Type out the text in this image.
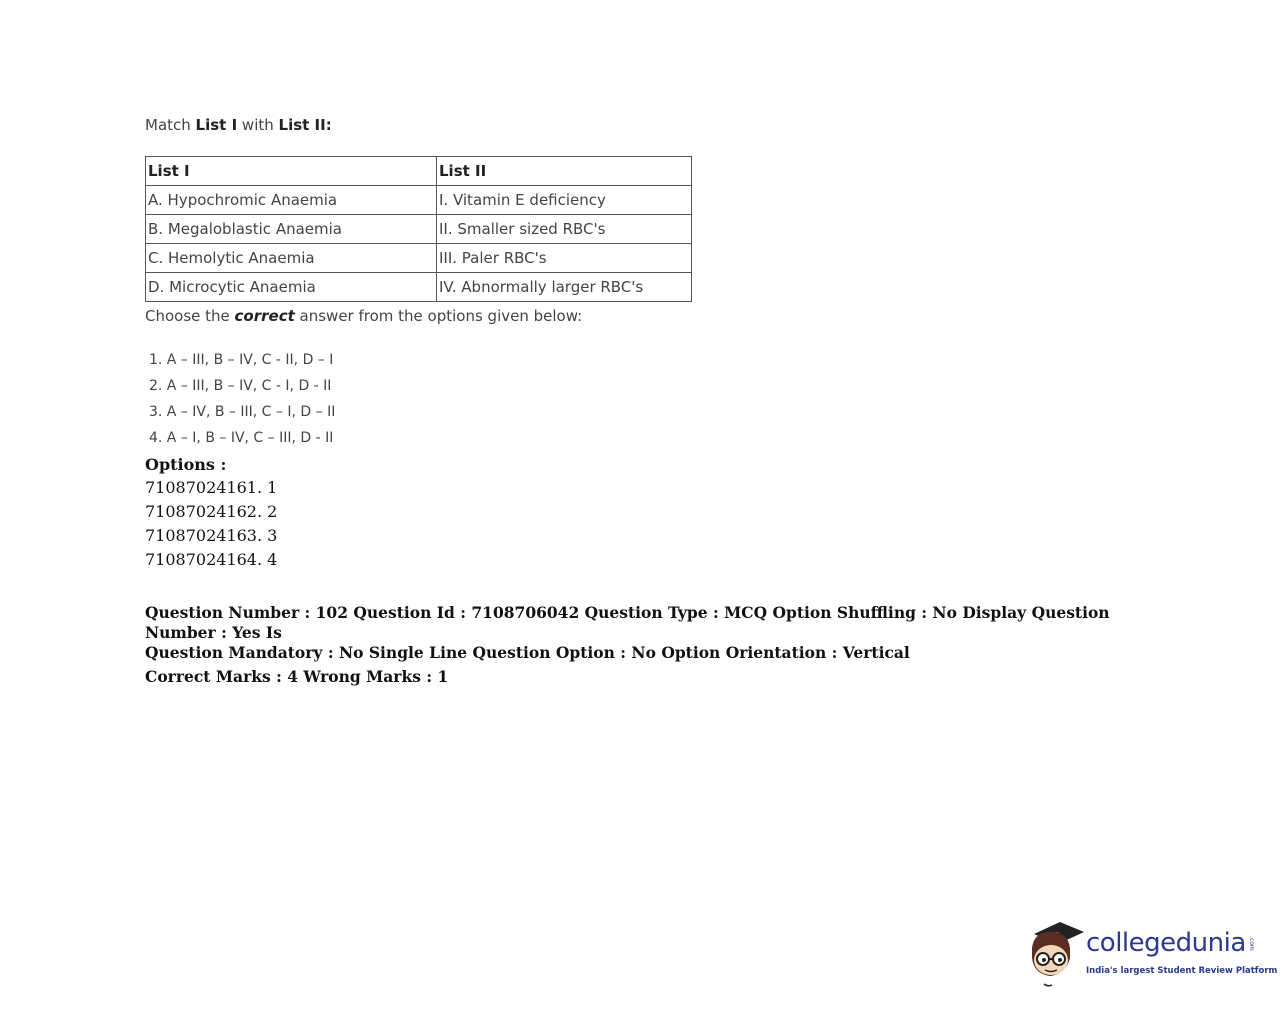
Match List I with List II:
List I	List II
A. Hypochromic Anaemia	I. Vitamin E deficiency
B. Megaloblastic Anaemia	II. Smaller sized RBC's
C. Hemolytic Anaemia	III. Paler RBC's
D. Microcytic Anaemia	IV. Abnormally larger RBC's
Choose the correct answer from the options given below:
1. A – III, B – IV, C - II, D – I
2. A – III, B – IV, C - I, D - II
3. A – IV, B – III, C – I, D – II
4. A – I, B – IV, C – III, D - II
Options :
71087024161. 1
71087024162. 2
71087024163. 3
71087024164. 4
Question Number : 102 Question Id : 7108706042 Question Type : MCQ Option Shuffling : No Display Question Number : Yes Is
Question Mandatory : No Single Line Question Option : No Option Orientation : Vertical
Correct Marks : 4 Wrong Marks : 1
collegedunia .com
India's largest Student Review Platform
